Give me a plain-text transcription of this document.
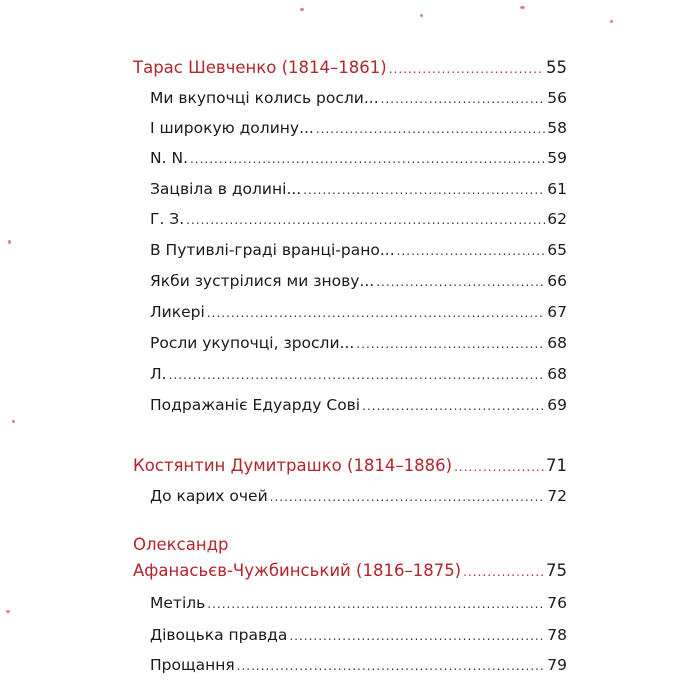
Тарас Шевченко (1814–1861) .....	55
Ми вкупочці колись росли... .....	56
І широкую долину... .....	58
N. N. .....	59
Зацвіла в долині... .....	61
Г. З. .....	62
В Путивлі-граді вранці-рано... .....	65
Якби зустрілися ми знову... .....	66
Ликері .....	67
Росли укупочці, зросли... .....	68
Л. .....	68
Подражаніє Едуарду Сові .....	69
Костянтин Думитрашко (1814–1886) .....	71
До карих очей .....	72
Олександр
Афанасьєв-Чужбинський (1816–1875) .....	75
Метіль .....	76
Дівоцька правда .....	78
Прощання .....	79
